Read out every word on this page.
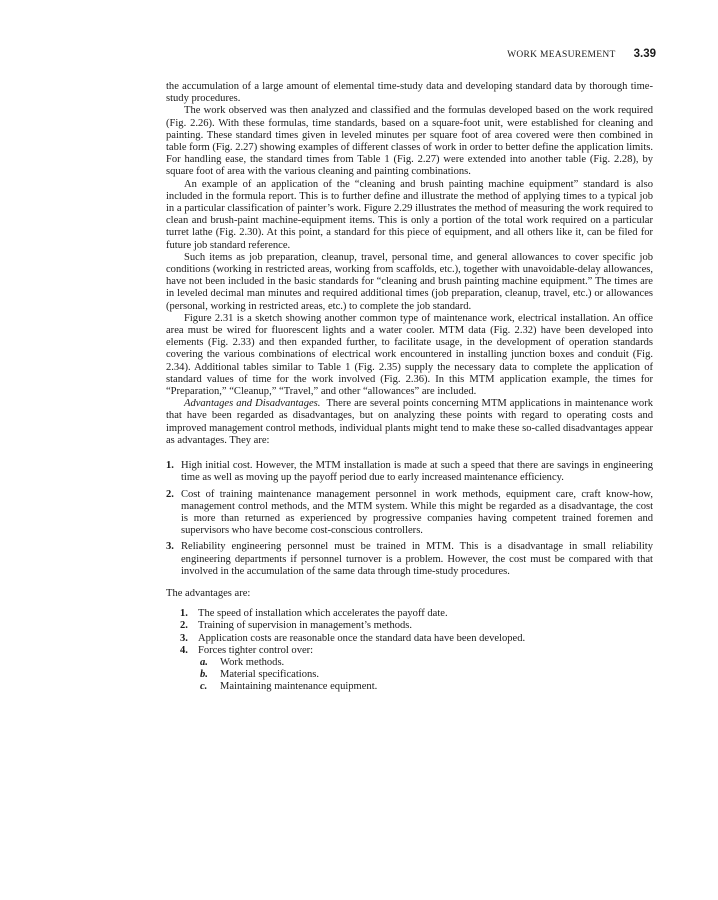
WORK MEASUREMENT 3.39

the accumulation of a large amount of elemental time-study data and developing standard data by thorough time-study procedures.

The work observed was then analyzed and classified and the formulas developed based on the work required (Fig. 2.26). With these formulas, time standards, based on a square-foot unit, were established for cleaning and painting. These standard times given in leveled minutes per square foot of area covered were then combined in table form (Fig. 2.27) showing examples of different classes of work in order to better define the application limits. For handling ease, the standard times from Table 1 (Fig. 2.27) were extended into another table (Fig. 2.28), by square foot of area with the various cleaning and painting combinations.

An example of an application of the “cleaning and brush painting machine equipment” standard is also included in the formula report. This is to further define and illustrate the method of applying times to a typical job in a particular classification of painter’s work. Figure 2.29 illustrates the method of measuring the work required to clean and brush-paint machine-equipment items. This is only a portion of the total work required on a particular turret lathe (Fig. 2.30). At this point, a standard for this piece of equipment, and all others like it, can be filed for future job standard reference.

Such items as job preparation, cleanup, travel, personal time, and general allowances to cover specific job conditions (working in restricted areas, working from scaffolds, etc.), together with unavoidable-delay allowances, have not been included in the basic standards for “cleaning and brush painting machine equipment.” The times are in leveled decimal man minutes and required additional times (job preparation, cleanup, travel, etc.) or allowances (personal, working in restricted areas, etc.) to complete the job standard.

Figure 2.31 is a sketch showing another common type of maintenance work, electrical installation. An office area must be wired for fluorescent lights and a water cooler. MTM data (Fig. 2.32) have been developed into elements (Fig. 2.33) and then expanded further, to facilitate usage, in the development of operation standards covering the various combinations of electrical work encountered in installing junction boxes and conduit (Fig. 2.34). Additional tables similar to Table 1 (Fig. 2.35) supply the necessary data to complete the application of standard values of time for the work involved (Fig. 2.36). In this MTM application example, the times for “Preparation,” “Cleanup,” “Travel,” and other “allowances” are included.

Advantages and Disadvantages. There are several points concerning MTM applications in maintenance work that have been regarded as disadvantages, but on analyzing these points with regard to operating costs and improved management control methods, individual plants might tend to make these so-called disadvantages appear as advantages. They are:

1. High initial cost. However, the MTM installation is made at such a speed that there are savings in engineering time as well as moving up the payoff period due to early increased maintenance efficiency.
2. Cost of training maintenance management personnel in work methods, equipment care, craft know-how, management control methods, and the MTM system. While this might be regarded as a disadvantage, the cost is more than returned as experienced by progressive companies having competent trained foremen and supervisors who have become cost-conscious controllers.
3. Reliability engineering personnel must be trained in MTM. This is a disadvantage in small reliability engineering departments if personnel turnover is a problem. However, the cost must be compared with that involved in the accumulation of the same data through time-study procedures.

The advantages are:

1. The speed of installation which accelerates the payoff date.
2. Training of supervision in management’s methods.
3. Application costs are reasonable once the standard data have been developed.
4. Forces tighter control over:
a. Work methods.
b. Material specifications.
c. Maintaining maintenance equipment.
